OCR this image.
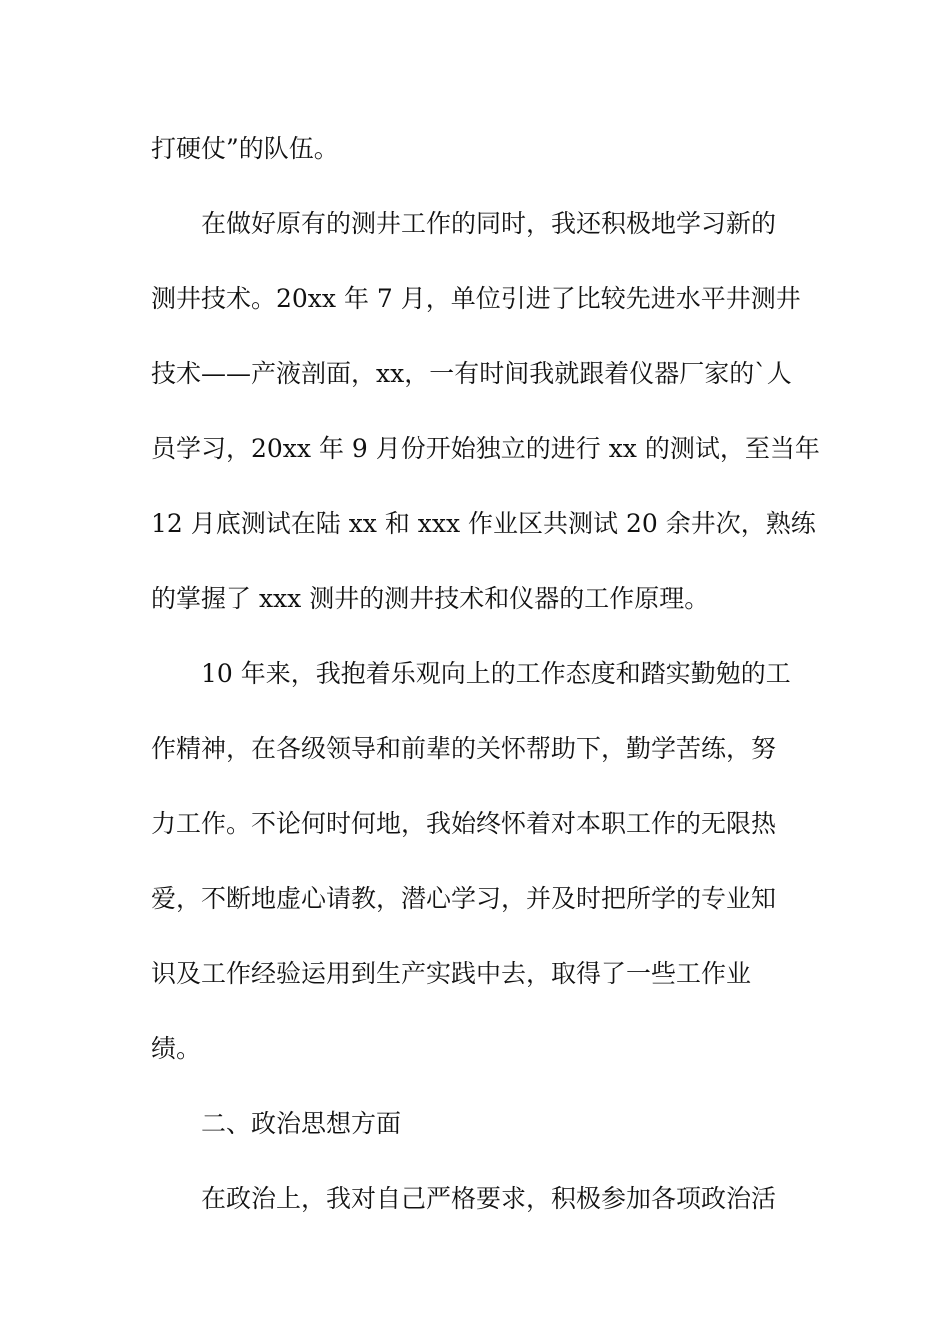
打硬仗”的队伍。
在做好原有的测井工作的同时，我还积极地学习新的
测井技术。20xx 年 7 月，单位引进了比较先进水平井测井
技术——产液剖面，xx，一有时间我就跟着仪器厂家的`人
员学习，20xx 年 9 月份开始独立的进行 xx 的测试，至当年
12 月底测试在陆 xx 和 xxx 作业区共测试 20 余井次，熟练
的掌握了 xxx 测井的测井技术和仪器的工作原理。
10 年来，我抱着乐观向上的工作态度和踏实勤勉的工
作精神，在各级领导和前辈的关怀帮助下，勤学苦练，努
力工作。不论何时何地，我始终怀着对本职工作的无限热
爱，不断地虚心请教，潜心学习，并及时把所学的专业知
识及工作经验运用到生产实践中去，取得了一些工作业
绩。
二、政治思想方面
在政治上，我对自己严格要求，积极参加各项政治活
